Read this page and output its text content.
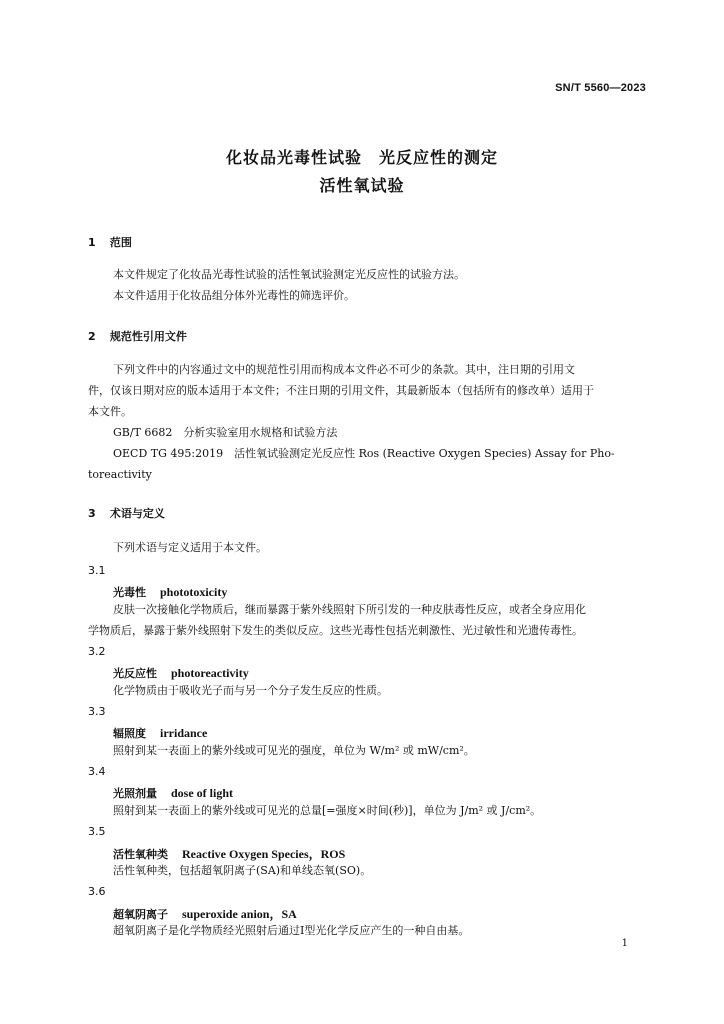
SN/T 5560—2023
化妆品光毒性试验　光反应性的测定
活性氧试验
1 范围
本文件规定了化妆品光毒性试验的活性氧试验测定光反应性的试验方法。
本文件适用于化妆品组分体外光毒性的筛选评价。
2 规范性引用文件
下列文件中的内容通过文中的规范性引用而构成本文件必不可少的条款。其中，注日期的引用文
件，仅该日期对应的版本适用于本文件；不注日期的引用文件，其最新版本（包括所有的修改单）适用于
本文件。
GB/T 6682　分析实验室用水规格和试验方法
OECD TG 495:2019　活性氧试验测定光反应性 Ros (Reactive Oxygen Species) Assay for Pho-
toreactivity
3 术语与定义
下列术语与定义适用于本文件。
3.1
光毒性 phototoxicity
皮肤一次接触化学物质后，继而暴露于紫外线照射下所引发的一种皮肤毒性反应，或者全身应用化
学物质后，暴露于紫外线照射下发生的类似反应。这些光毒性包括光刺激性、光过敏性和光遗传毒性。
3.2
光反应性 photoreactivity
化学物质由于吸收光子而与另一个分子发生反应的性质。
3.3
辐照度 irridance
照射到某一表面上的紫外线或可见光的强度，单位为 W/m² 或 mW/cm²。
3.4
光照剂量 dose of light
照射到某一表面上的紫外线或可见光的总量[=强度×时间(秒)]，单位为 J/m² 或 J/cm²。
3.5
活性氧种类 Reactive Oxygen Species，ROS
活性氧种类，包括超氧阴离子(SA)和单线态氧(SO)。
3.6
超氧阴离子 superoxide anion，SA
超氧阴离子是化学物质经光照射后通过Ⅰ型光化学反应产生的一种自由基。
1
